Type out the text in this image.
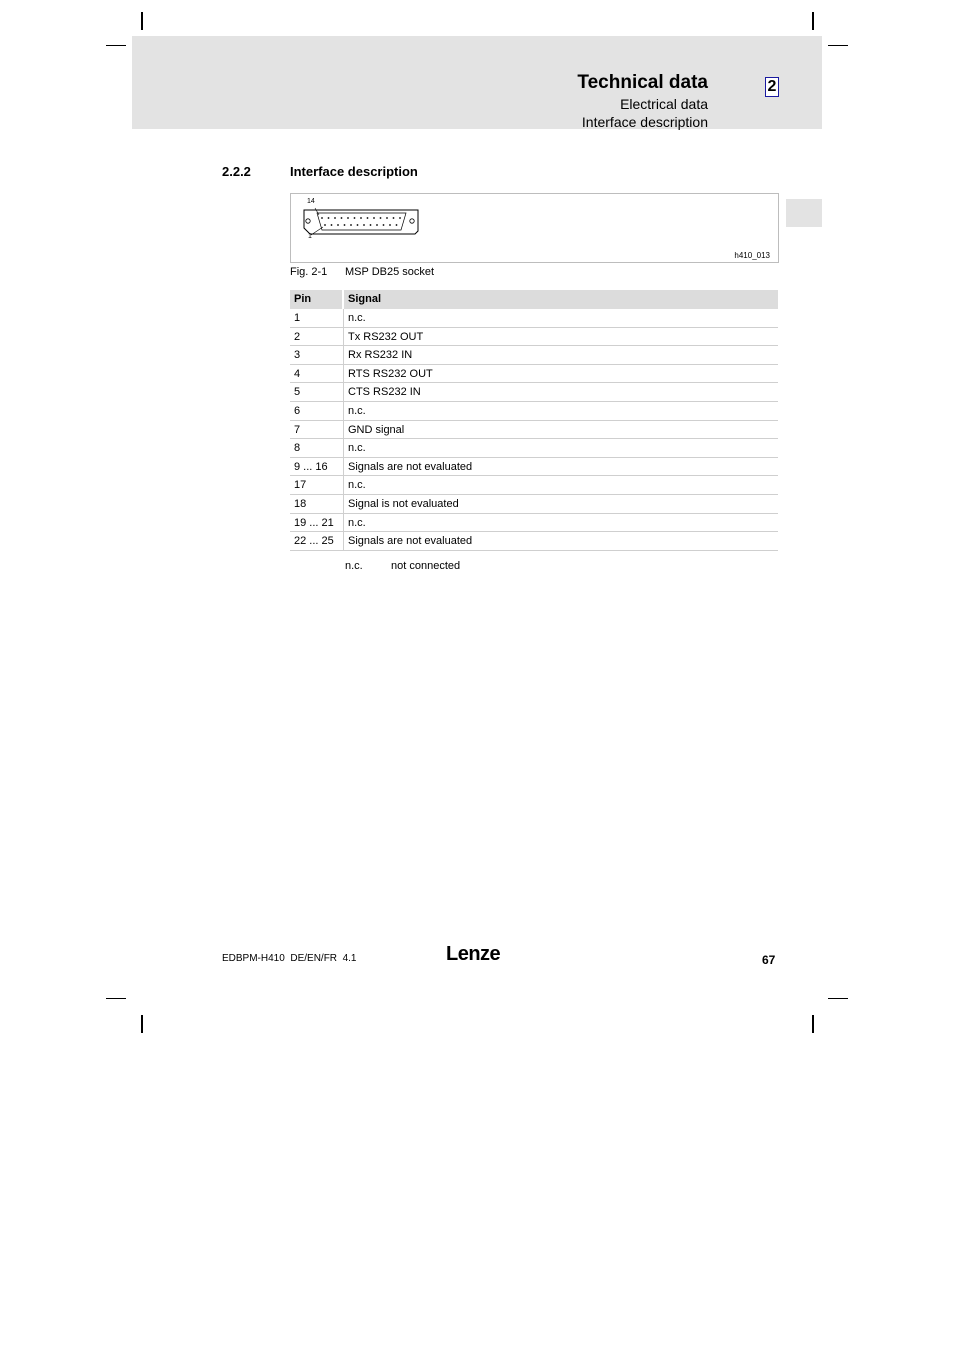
Technical data
Electrical data
Interface description
2
2.2.2	Interface description
14
1
h410_013
Fig. 2-1 MSP DB25 socket
Pin	Signal
1	n.c.
2	Tx RS232 OUT
3	Rx RS232 IN
4	RTS RS232 OUT
5	CTS RS232 IN
6	n.c.
7	GND signal
8	n.c.
9 ... 16	Signals are not evaluated
17	n.c.
18	Signal is not evaluated
19 ... 21	n.c.
22 ... 25	Signals are not evaluated
n.c.	not connected
EDBPM-H410  DE/EN/FR  4.1	Lenze	67
